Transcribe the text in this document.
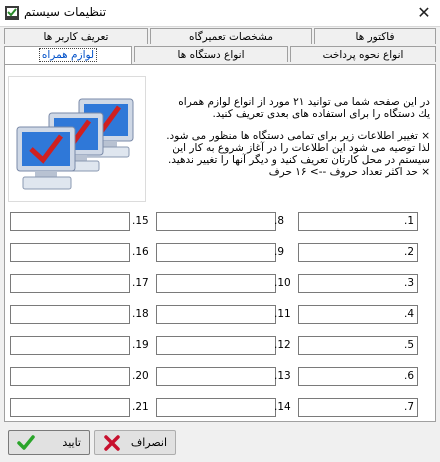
تنظیمات سیستم	✕
فاکتور ها
مشخصات تعمیرگاه
تعریف کاربر ها
انواع نحوه پرداخت
انواع دستگاه ها
لوازم همراه

در این صفحه شما می توانید ۲۱ مورد از انواع لوازم همراه

يك دستگاه را برای استفاده های بعدی تعریف کنید.

× تغییر اطلاعات زیر برای تمامی دستگاه ها منظور می شود.

لذا توصیه می شود این اطلاعات را در آغاز شروع به کار این

سیستم در محل کارتان تعریف کنید و دیگر آنها را تغییر ندهید.

× حد اکثر تعداد حروف --> ۱۶ حرف

.1
.2
.3
.4
.5
.6
.7
.8
.9
.10
.11
.12
.13
.14
.15
.16
.17
.18
.19
.20
.21
انصراف
تایید
